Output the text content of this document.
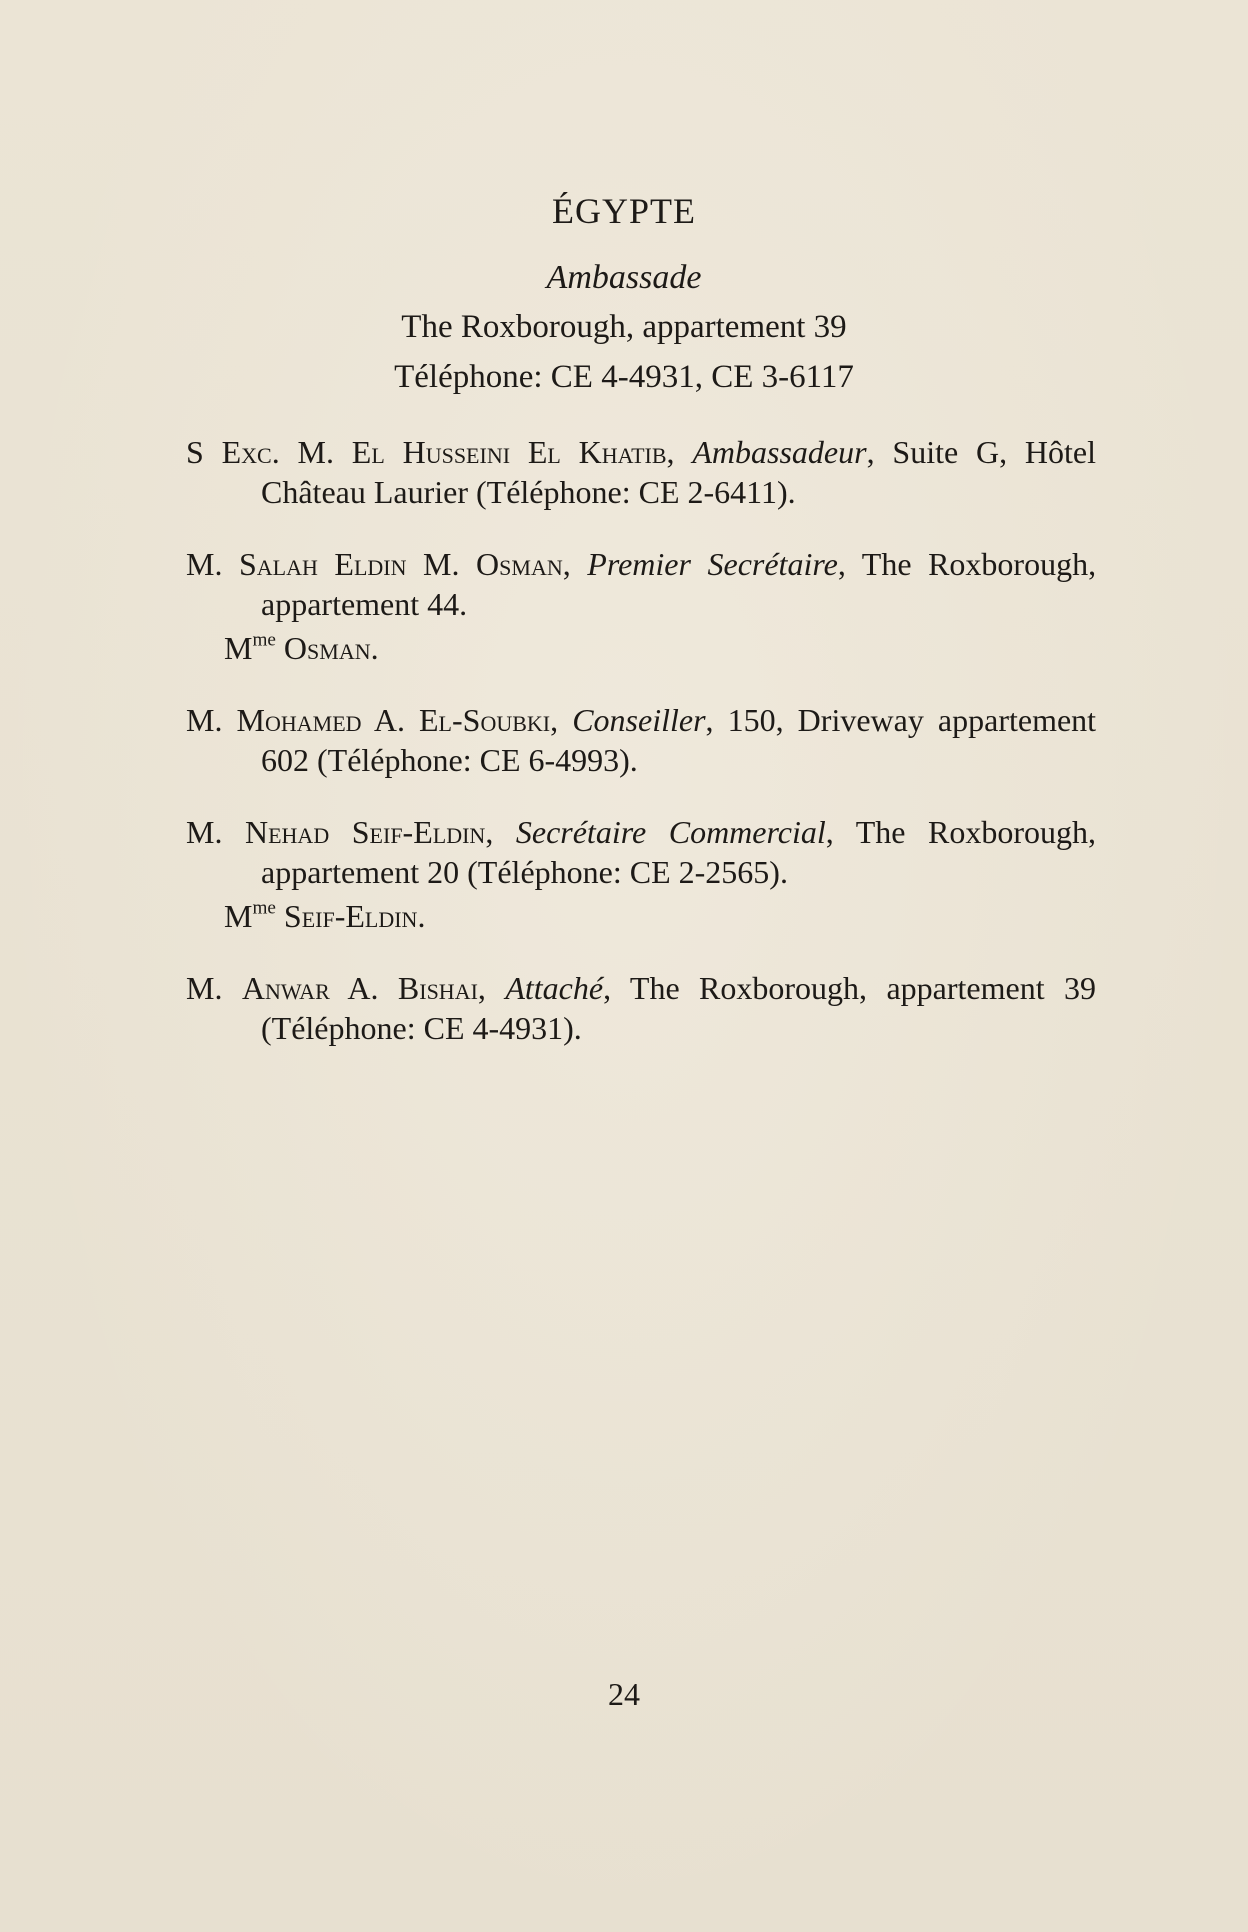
ÉGYPTE
Ambassade
The Roxborough, appartement 39
Téléphone: CE 4-4931, CE 3-6117

S Exc. M. El Husseini El Khatib, Ambassadeur, Suite G, Hôtel Château Laurier (Téléphone: CE 2-6411).

M. Salah Eldin M. Osman, Premier Secrétaire, The Roxborough, appartement 44.

$M^{me}$ Osman.

M. Mohamed A. El-Soubki, Conseiller, 150, Driveway appartement 602 (Téléphone: CE 6-4993).

M. Nehad Seif-Eldin, Secrétaire Commercial, The Roxborough, appartement 20 (Téléphone: CE 2-2565).

$M^{me}$ Seif-Eldin.

M. Anwar A. Bishai, Attaché, The Roxborough, appartement 39 (Téléphone: CE 4-4931).

24
